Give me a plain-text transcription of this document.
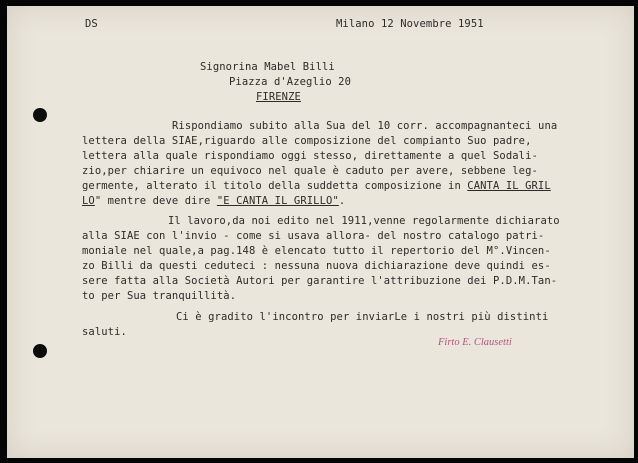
DS	Milano 12 Novembre 1951

Signorina Mabel Billi

Piazza d'Azeglio 20

FIRENZE

Rispondiamo subito alla Sua del 10 corr. accompagnanteci una

lettera della SIAE,riguardo alle composizione del compianto Suo padre,

lettera alla quale rispondiamo oggi stesso, direttamente a quel Sodali-

zio,per chiarire un equivoco nel quale è caduto per avere, sebbene leg-

germente, alterato il titolo della suddetta composizione in CANTA IL GRIL

LO" mentre deve dire "E CANTA IL GRILLO".

Il lavoro,da noi edito nel 1911,venne regolarmente dichiarato

alla SIAE con l'invio - come si usava allora- del nostro catalogo patri-

moniale nel quale,a pag.148 è elencato tutto il repertorio del M°.Vincen-

zo Billi da questi ceduteci : nessuna nuova dichiarazione deve quindi es-

sere fatta alla Società Autori per garantire l'attribuzione dei P.D.M.Tan-

to per Sua tranquillità.

Ci è gradito l'incontro per inviarLe i nostri più distinti

saluti.

Firto E. Clausetti
